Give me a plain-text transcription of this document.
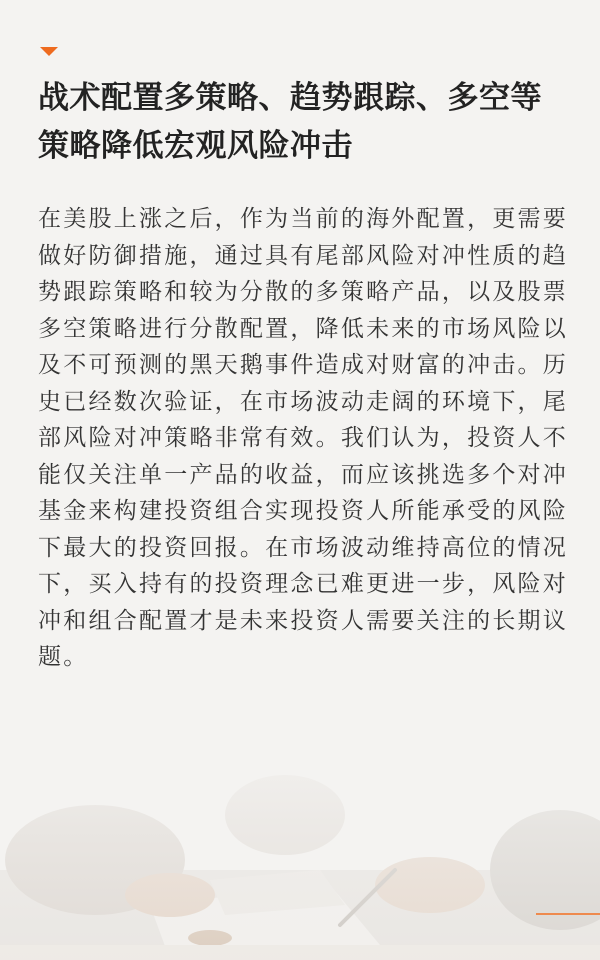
战术配置多策略、趋势跟踪、多空等策略降低宏观风险冲击

在美股上涨之后，作为当前的海外配置，更需要做好防御措施，通过具有尾部风险对冲性质的趋势跟踪策略和较为分散的多策略产品，以及股票多空策略进行分散配置，降低未来的市场风险以及不可预测的黑天鹅事件造成对财富的冲击。历史已经数次验证，在市场波动走阔的环境下，尾部风险对冲策略非常有效。我们认为，投资人不能仅关注单一产品的收益，而应该挑选多个对冲基金来构建投资组合实现投资人所能承受的风险下最大的投资回报。在市场波动维持高位的情况下，买入持有的投资理念已难更进一步，风险对冲和组合配置才是未来投资人需要关注的长期议题。
